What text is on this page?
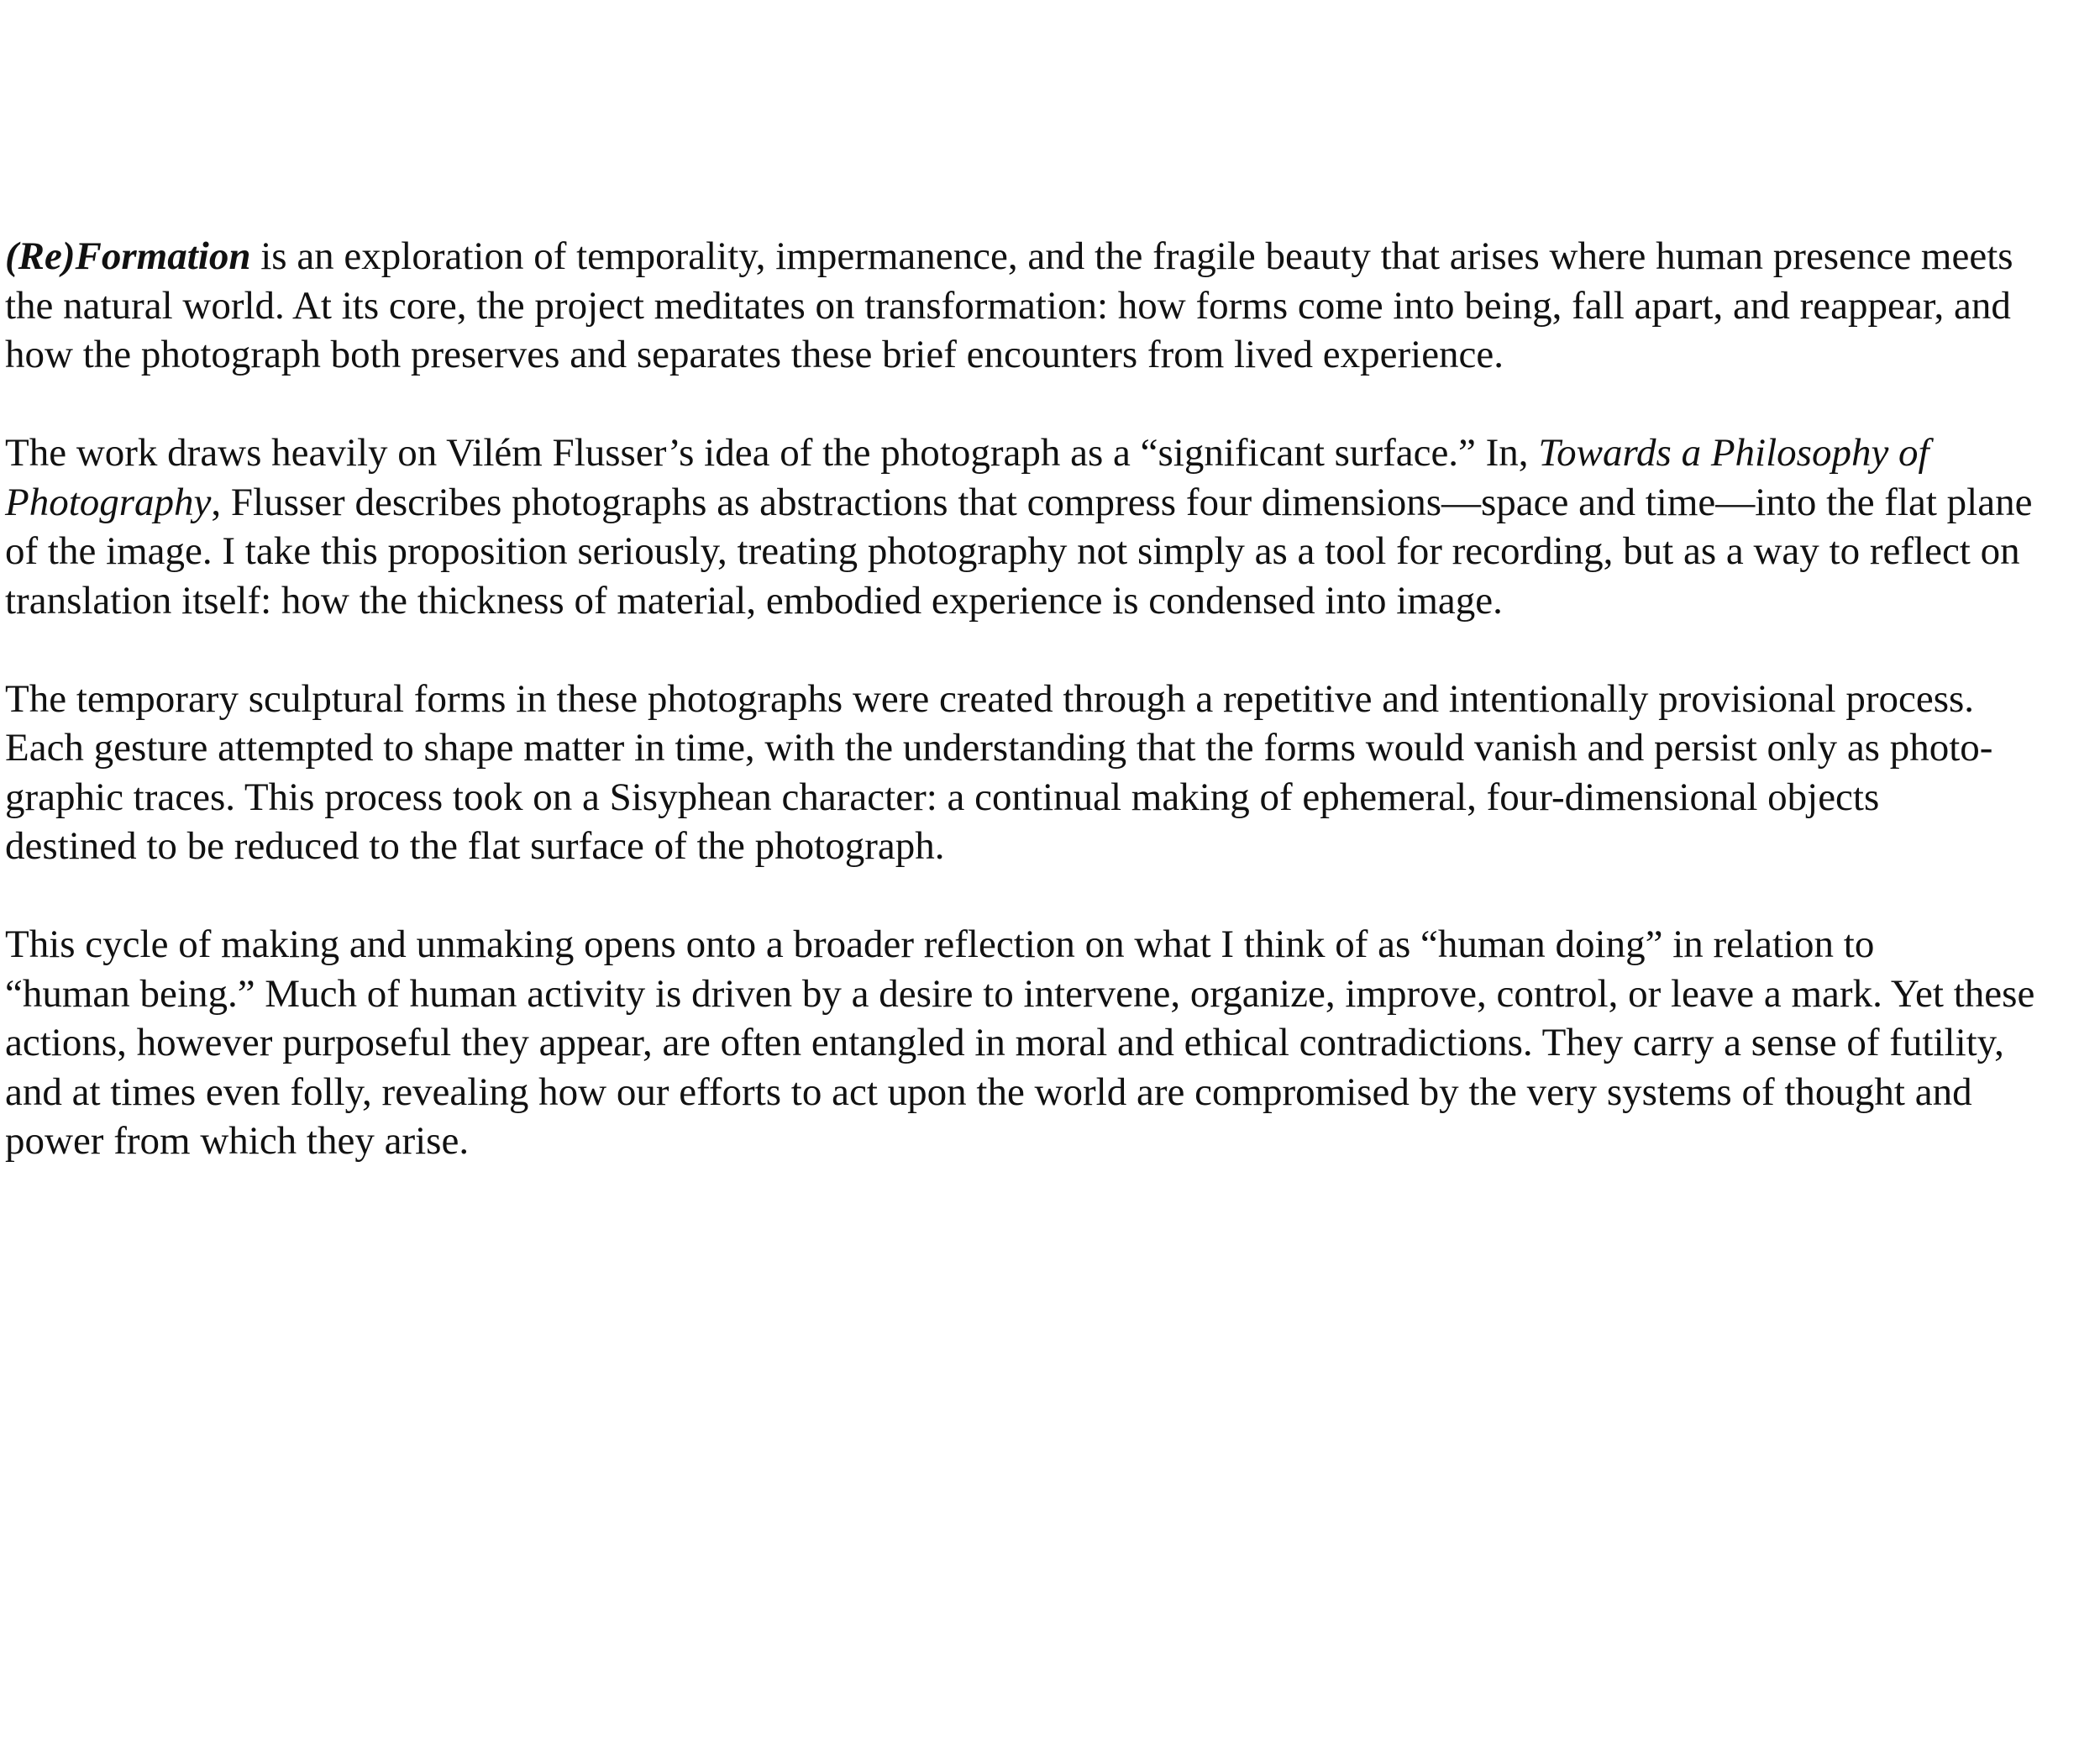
(Re)Formation is an exploration of temporality, impermanence, and the fragile beauty that arises where human presence meets
the natural world. At its core, the project meditates on transformation: how forms come into being, fall apart, and reappear, and
how the photograph both preserves and separates these brief encounters from lived experience.

The work draws heavily on Vilém Flusser’s idea of the photograph as a “significant surface.” In, Towards a Philosophy of
Photography, Flusser describes photographs as abstractions that compress four dimensions—space and time—into the flat plane
of the image. I take this proposition seriously, treating photography not simply as a tool for recording, but as a way to reflect on
translation itself: how the thickness of material, embodied experience is condensed into image.

The temporary sculptural forms in these photographs were created through a repetitive and intentionally provisional process.
Each gesture attempted to shape matter in time, with the understanding that the forms would vanish and persist only as photo-
graphic traces. This process took on a Sisyphean character: a continual making of ephemeral, four-dimensional objects
destined to be reduced to the flat surface of the photograph.

This cycle of making and unmaking opens onto a broader reflection on what I think of as “human doing” in relation to
“human being.” Much of human activity is driven by a desire to intervene, organize, improve, control, or leave a mark. Yet these
actions, however purposeful they appear, are often entangled in moral and ethical contradictions. They carry a sense of futility,
and at times even folly, revealing how our efforts to act upon the world are compromised by the very systems of thought and
power from which they arise.
